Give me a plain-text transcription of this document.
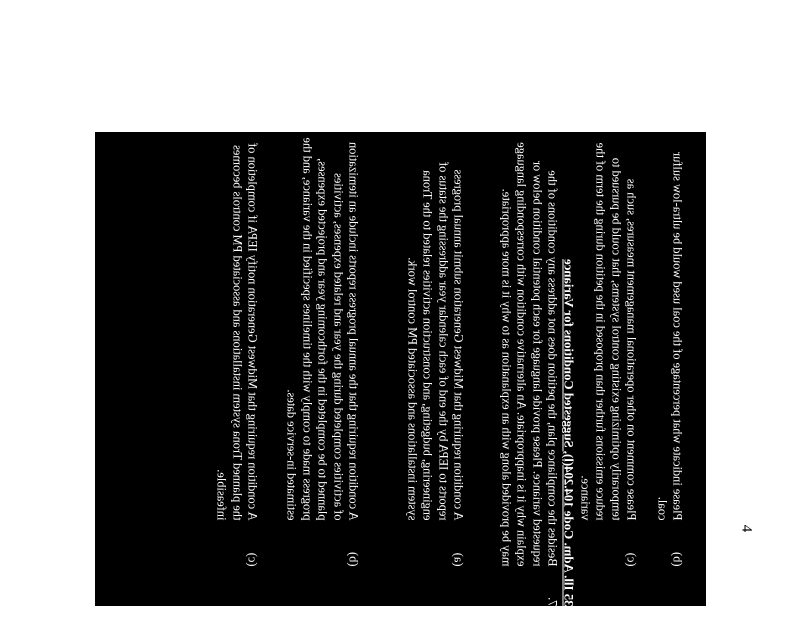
4
(b)
Please indicate what percentage of the coal used would be ultra-low sulfur coal.
(c)
Please comment on other operational management measures, such as temporarily optimizing existing control systems, that could be pursued to reduce emissions further than proposed in the petition during the term of the variance.
35 Ill. Adm. Code 104.204(l), Suggested Conditions for Variance
7.
Besides the compliance plan, the petition does not address any conditions of the requested variance. Please provide language for each potential condition below or explain why it is inappropriate. An alternative condition with corresponding language may be provided along with an explanation as to why it is more appropriate.
(a)
A condition requiring that Midwest Generation submit annual progress reports to IEPA by the end of each calendar year addressing the status of engineering, budgeting, and construction activities related to the Trona system installations and associated PM control work.
(b)
A condition requiring that the annual progress reports include an itemization of activities completed during the year and related expenses, activities planned to be completed in the forthcoming year and projected expenses, progress made to comply with the timelines specified in the variance, and the estimated in-service dates.
(c)
A condition requiring that Midwest Generation notify IEPA if completion of the planned Trona system installations and associated PM controls becomes infeasible.
